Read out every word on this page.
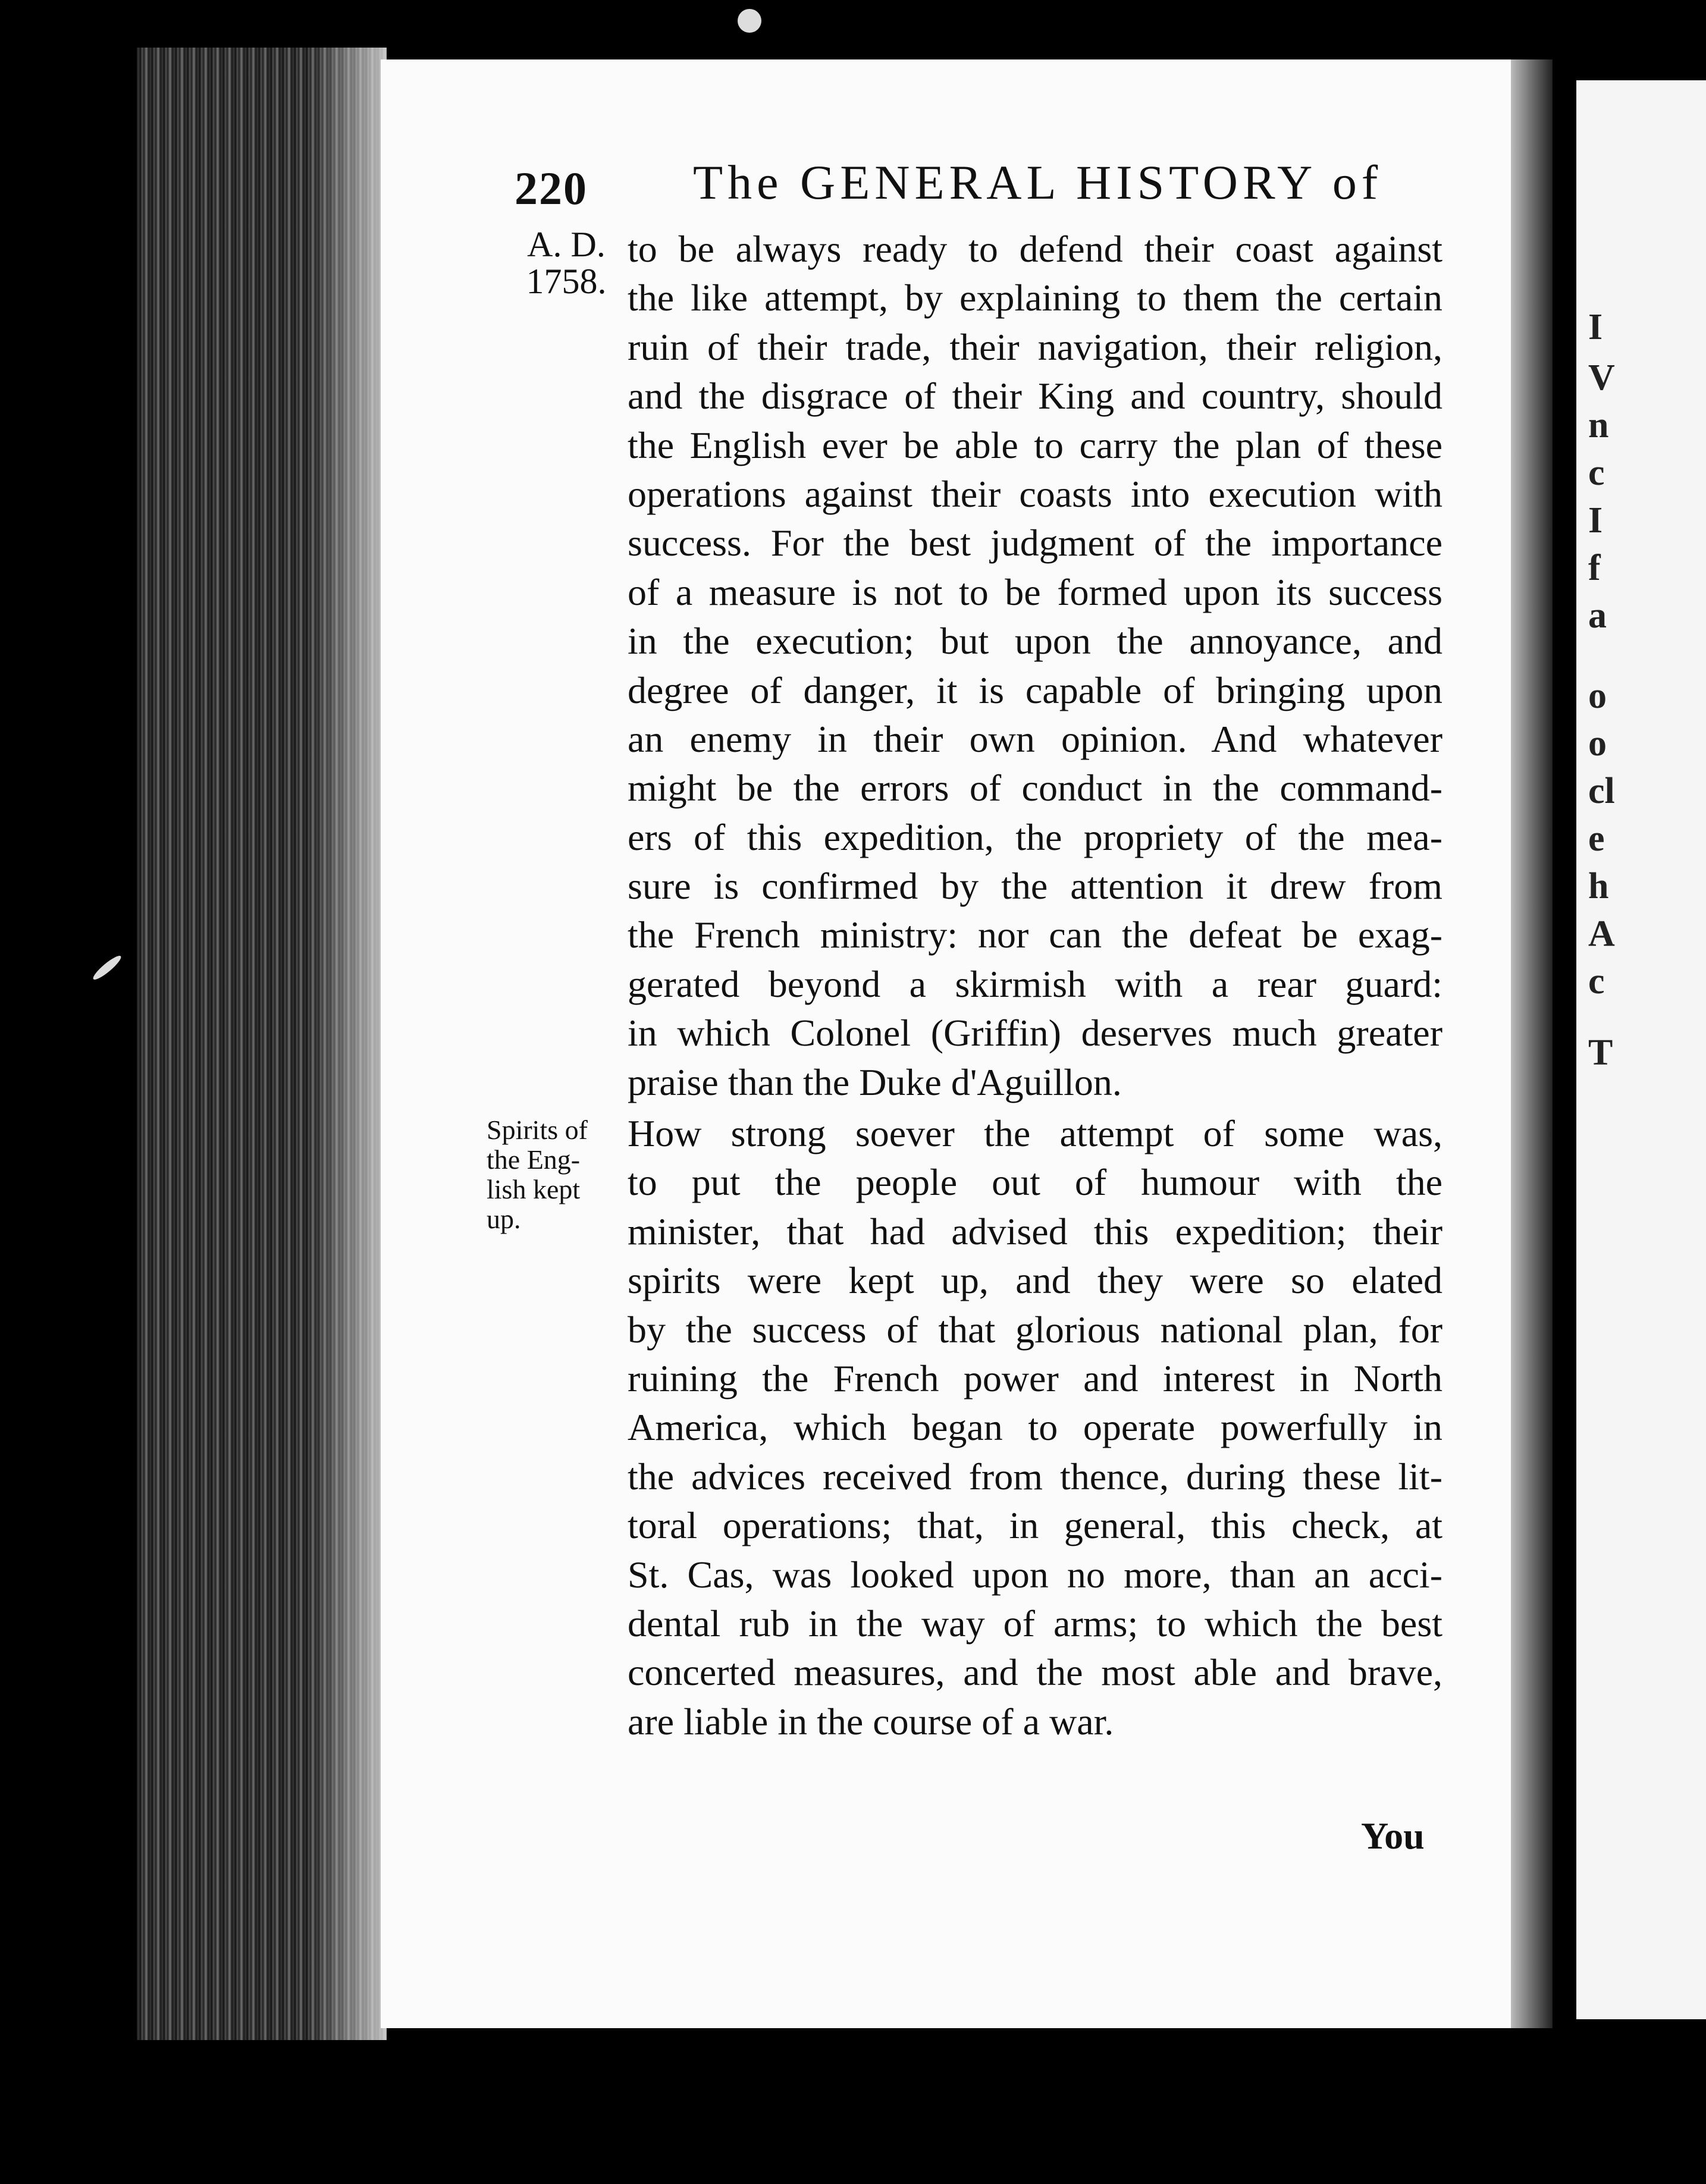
I
V
n
c
I
f
a
o
o
cl
e
h
A
c
T
220 The GENERAL HISTORY of
A. D.
1758.
Spirits of
the Eng-
lish kept
up.
to be always ready to defend their coast against
the like attempt, by explaining to them the certain
ruin of their trade, their navigation, their religion,
and the disgrace of their King and country, should
the English ever be able to carry the plan of these
operations against their coasts into execution with
success. For the best judgment of the importance
of a measure is not to be formed upon its success
in the execution; but upon the annoyance, and
degree of danger, it is capable of bringing upon
an enemy in their own opinion. And whatever
might be the errors of conduct in the command-
ers of this expedition, the propriety of the mea-
sure is confirmed by the attention it drew from
the French ministry: nor can the defeat be exag-
gerated beyond a skirmish with a rear guard:
in which Colonel (Griffin) deserves much greater
praise than the Duke d'Aguillon.
How strong soever the attempt of some was,
to put the people out of humour with the
minister, that had advised this expedition; their
spirits were kept up, and they were so elated
by the success of that glorious national plan, for
ruining the French power and interest in North
America, which began to operate powerfully in
the advices received from thence, during these lit-
toral operations; that, in general, this check, at
St. Cas, was looked upon no more, than an acci-
dental rub in the way of arms; to which the best
concerted measures, and the most able and brave,
are liable in the course of a war.
You
